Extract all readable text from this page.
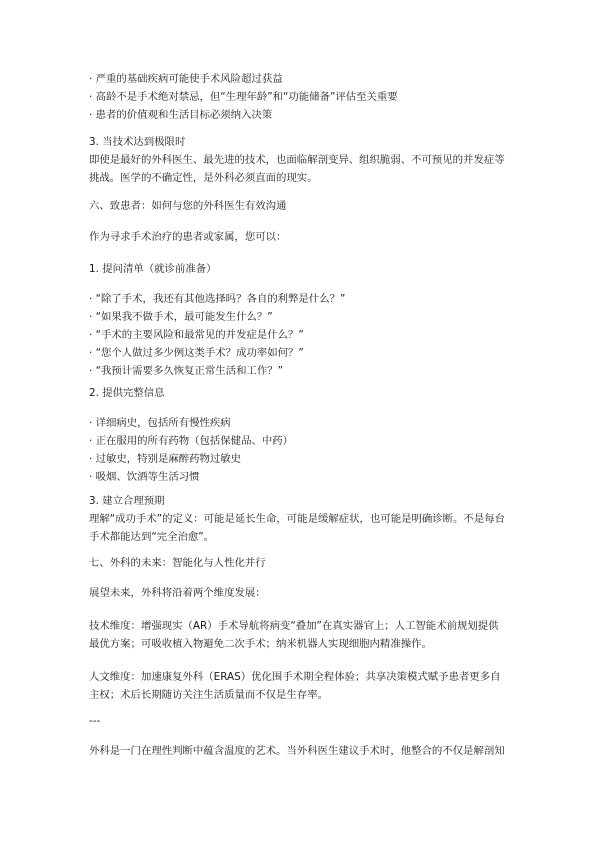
· 严重的基础疾病可能使手术风险超过获益
· 高龄不是手术绝对禁忌，但“生理年龄”和“功能储备”评估至关重要
· 患者的价值观和生活目标必须纳入决策
3. 当技术达到极限时
即使是最好的外科医生、最先进的技术，也面临解剖变异、组织脆弱、不可预见的并发症等
挑战。医学的不确定性，是外科必须直面的现实。
六、致患者：如何与您的外科医生有效沟通
作为寻求手术治疗的患者或家属，您可以：
1. 提问清单（就诊前准备）
· “除了手术，我还有其他选择吗？各自的利弊是什么？”
· “如果我不做手术，最可能发生什么？”
· “手术的主要风险和最常见的并发症是什么？”
· “您个人做过多少例这类手术？成功率如何？”
· “我预计需要多久恢复正常生活和工作？”
2. 提供完整信息
· 详细病史，包括所有慢性疾病
· 正在服用的所有药物（包括保健品、中药）
· 过敏史，特别是麻醉药物过敏史
· 吸烟、饮酒等生活习惯
3. 建立合理预期
理解“成功手术”的定义：可能是延长生命，可能是缓解症状，也可能是明确诊断。不是每台
手术都能达到“完全治愈”。
七、外科的未来：智能化与人性化并行
展望未来，外科将沿着两个维度发展：
技术维度：增强现实（AR）手术导航将病变“叠加”在真实器官上；人工智能术前规划提供
最优方案；可吸收植入物避免二次手术；纳米机器人实现细胞内精准操作。
人文维度：加速康复外科（ERAS）优化围手术期全程体验；共享决策模式赋予患者更多自
主权；术后长期随访关注生活质量而不仅是生存率。
---
外科是一门在理性判断中蕴含温度的艺术。当外科医生建议手术时，他整合的不仅是解剖知
